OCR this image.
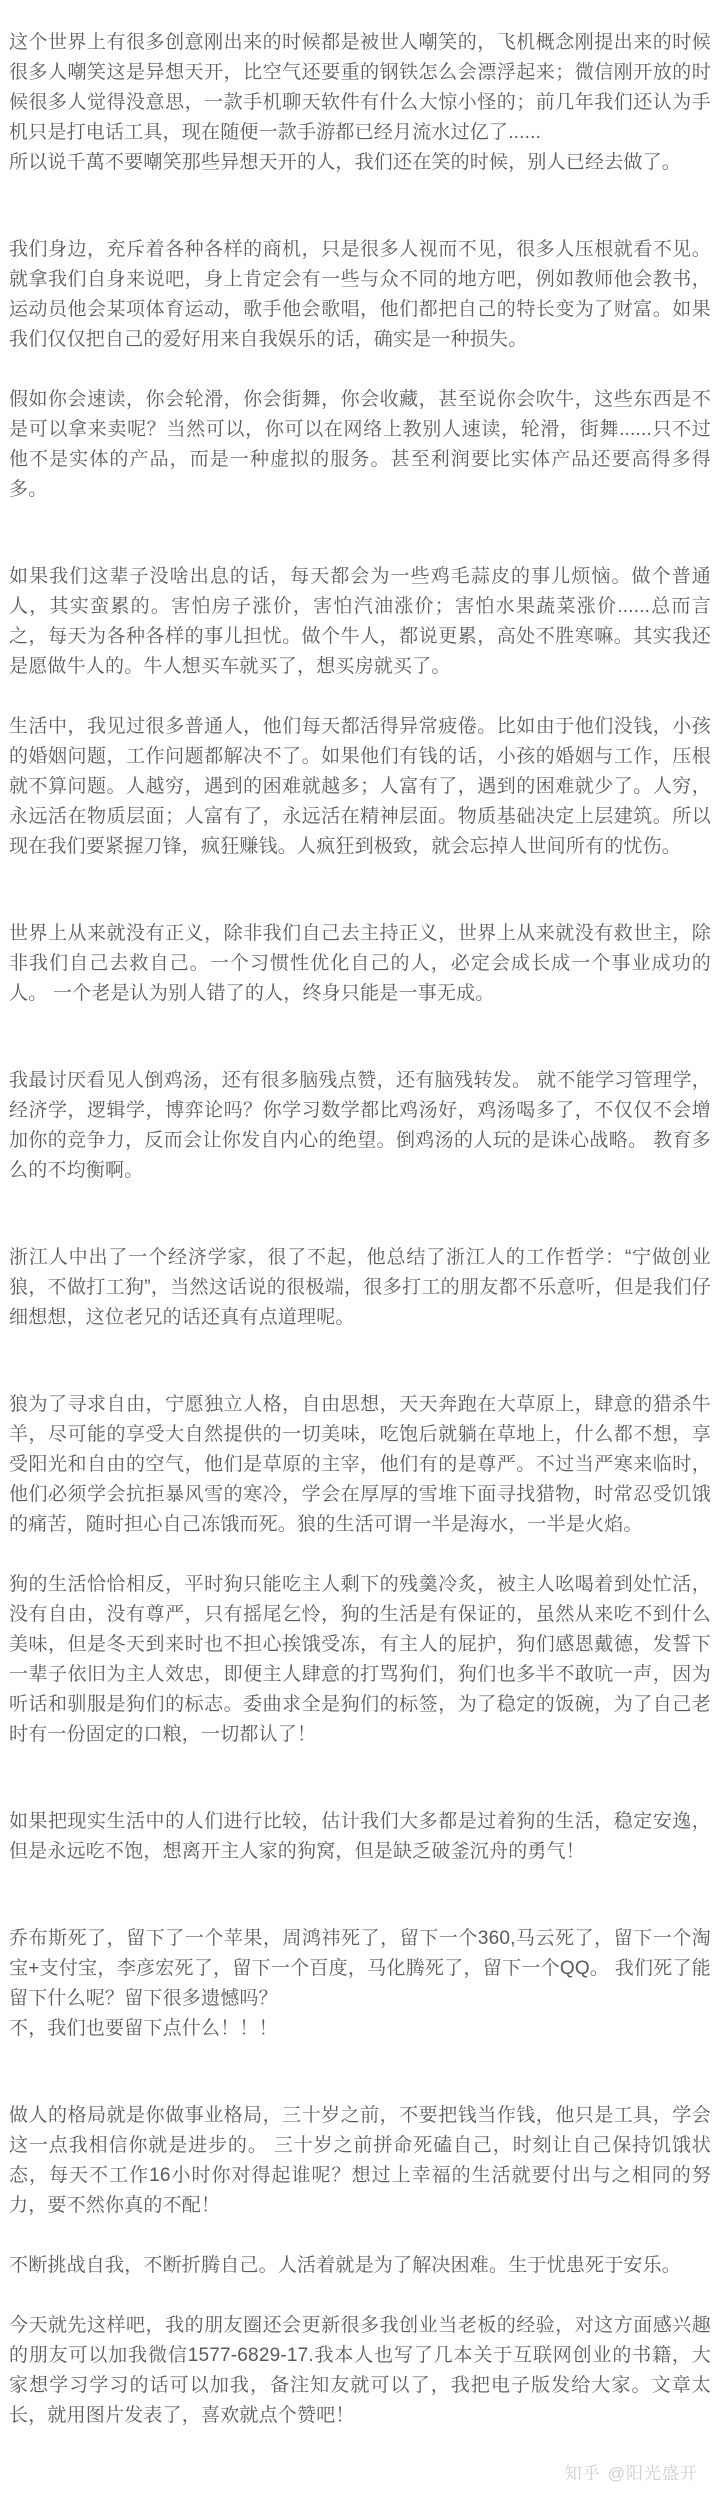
这个世界上有很多创意刚出来的时候都是被世人嘲笑的，飞机概念刚提出来的时候很多人嘲笑这是异想天开，比空气还要重的钢铁怎么会漂浮起来；微信刚开放的时候很多人觉得没意思，一款手机聊天软件有什么大惊小怪的；前几年我们还认为手机只是打电话工具，现在随便一款手游都已经月流水过亿了......
所以说千萬不要嘲笑那些异想天开的人，我们还在笑的时候，别人已经去做了。

我们身边，充斥着各种各样的商机，只是很多人视而不见，很多人压根就看不见。就拿我们自身来说吧，身上肯定会有一些与众不同的地方吧，例如教师他会教书，运动员他会某项体育运动，歌手他会歌唱，他们都把自己的特长变为了财富。如果我们仅仅把自己的爱好用来自我娱乐的话，确实是一种损失。

假如你会速读，你会轮滑，你会街舞，你会收藏，甚至说你会吹牛，这些东西是不是可以拿来卖呢？当然可以，你可以在网络上教别人速读，轮滑，街舞......只不过他不是实体的产品，而是一种虚拟的服务。甚至利润要比实体产品还要高得多得多。

如果我们这辈子没啥出息的话，每天都会为一些鸡毛蒜皮的事儿烦恼。做个普通人，其实蛮累的。害怕房子涨价，害怕汽油涨价；害怕水果蔬菜涨价......总而言之，每天为各种各样的事儿担忧。做个牛人，都说更累，高处不胜寒嘛。其实我还是愿做牛人的。牛人想买车就买了，想买房就买了。

生活中，我见过很多普通人，他们每天都活得异常疲倦。比如由于他们没钱，小孩的婚姻问题，工作问题都解决不了。如果他们有钱的话，小孩的婚姻与工作，压根就不算问题。人越穷，遇到的困难就越多；人富有了，遇到的困难就少了。人穷，永远活在物质层面；人富有了，永远活在精神层面。物质基础决定上层建筑。所以现在我们要紧握刀锋，疯狂赚钱。人疯狂到极致，就会忘掉人世间所有的忧伤。

世界上从来就没有正义，除非我们自己去主持正义，世界上从来就没有救世主，除非我们自己去救自己。一个习惯性优化自己的人，必定会成长成一个事业成功的人。 一个老是认为别人错了的人，终身只能是一事无成。

我最讨厌看见人倒鸡汤，还有很多脑残点赞，还有脑残转发。 就不能学习管理学，经济学，逻辑学，博弈论吗？你学习数学都比鸡汤好，鸡汤喝多了，不仅仅不会增加你的竞争力，反而会让你发自内心的绝望。倒鸡汤的人玩的是诛心战略。 教育多么的不均衡啊。

浙江人中出了一个经济学家，很了不起，他总结了浙江人的工作哲学：“宁做创业狼，不做打工狗”，当然这话说的很极端，很多打工的朋友都不乐意听，但是我们仔细想想，这位老兄的话还真有点道理呢。

狼为了寻求自由，宁愿独立人格，自由思想，天天奔跑在大草原上，肆意的猎杀牛羊，尽可能的享受大自然提供的一切美味，吃饱后就躺在草地上，什么都不想，享受阳光和自由的空气，他们是草原的主宰，他们有的是尊严。不过当严寒来临时，他们必须学会抗拒暴风雪的寒冷，学会在厚厚的雪堆下面寻找猎物，时常忍受饥饿的痛苦，随时担心自己冻饿而死。狼的生活可谓一半是海水，一半是火焰。

狗的生活恰恰相反，平时狗只能吃主人剩下的残羹冷炙，被主人吆喝着到处忙活，没有自由，没有尊严，只有摇尾乞怜，狗的生活是有保证的，虽然从来吃不到什么美味，但是冬天到来时也不担心挨饿受冻，有主人的屁护，狗们感恩戴德，发誓下一辈子依旧为主人效忠，即便主人肆意的打骂狗们，狗们也多半不敢吭一声，因为听话和驯服是狗们的标志。委曲求全是狗们的标签，为了稳定的饭碗，为了自己老时有一份固定的口粮，一切都认了！

如果把现实生活中的人们进行比较，估计我们大多都是过着狗的生活，稳定安逸，但是永远吃不饱，想离开主人家的狗窝，但是缺乏破釜沉舟的勇气！

乔布斯死了，留下了一个苹果，周鸿祎死了，留下一个360,马云死了，留下一个淘宝+支付宝，李彦宏死了，留下一个百度，马化腾死了，留下一个QQ。 我们死了能留下什么呢？留下很多遗憾吗？
不，我们也要留下点什么！！！

做人的格局就是你做事业格局，三十岁之前，不要把钱当作钱，他只是工具，学会这一点我相信你就是进步的。 三十岁之前拼命死磕自己，时刻让自己保持饥饿状态，每天不工作16小时你对得起谁呢？想过上幸福的生活就要付出与之相同的努力，要不然你真的不配！

不断挑战自我，不断折腾自己。人活着就是为了解决困难。生于忧患死于安乐。

今天就先这样吧，我的朋友圈还会更新很多我创业当老板的经验，对这方面感兴趣的朋友可以加我微信1577-6829-17.我本人也写了几本关于互联网创业的书籍，大家想学习学习的话可以加我，备注知友就可以了，我把电子版发给大家。文章太长，就用图片发表了，喜欢就点个赞吧！

知乎 @阳光盛开
